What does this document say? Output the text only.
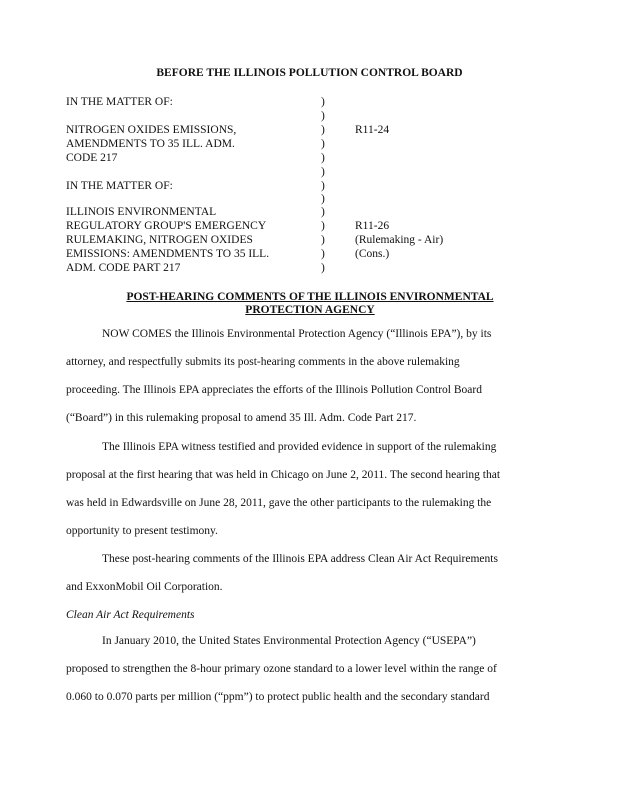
BEFORE THE ILLINOIS POLLUTION CONTROL BOARD
IN THE MATTER OF:
NITROGEN OXIDES EMISSIONS,
AMENDMENTS TO 35 ILL. ADM.
CODE 217
IN THE MATTER OF:
ILLINOIS ENVIRONMENTAL
REGULATORY GROUP'S EMERGENCY
RULEMAKING, NITROGEN OXIDES
EMISSIONS: AMENDMENTS TO 35 ILL.
ADM. CODE PART 217
)
)
)
)
)
)
)
)
)
)
)
)
)
R11-24
R11-26
(Rulemaking - Air)
(Cons.)
POST-HEARING COMMENTS OF THE ILLINOIS ENVIRONMENTAL
PROTECTION AGENCY
NOW COMES the Illinois Environmental Protection Agency (“Illinois EPA”), by its
attorney, and respectfully submits its post-hearing comments in the above rulemaking
proceeding. The Illinois EPA appreciates the efforts of the Illinois Pollution Control Board
(“Board”) in this rulemaking proposal to amend 35 Ill. Adm. Code Part 217.
The Illinois EPA witness testified and provided evidence in support of the rulemaking
proposal at the first hearing that was held in Chicago on June 2, 2011. The second hearing that
was held in Edwardsville on June 28, 2011, gave the other participants to the rulemaking the
opportunity to present testimony.
These post-hearing comments of the Illinois EPA address Clean Air Act Requirements
and ExxonMobil Oil Corporation.
Clean Air Act Requirements
In January 2010, the United States Environmental Protection Agency (“USEPA”)
proposed to strengthen the 8-hour primary ozone standard to a lower level within the range of
0.060 to 0.070 parts per million (“ppm”) to protect public health and the secondary standard
